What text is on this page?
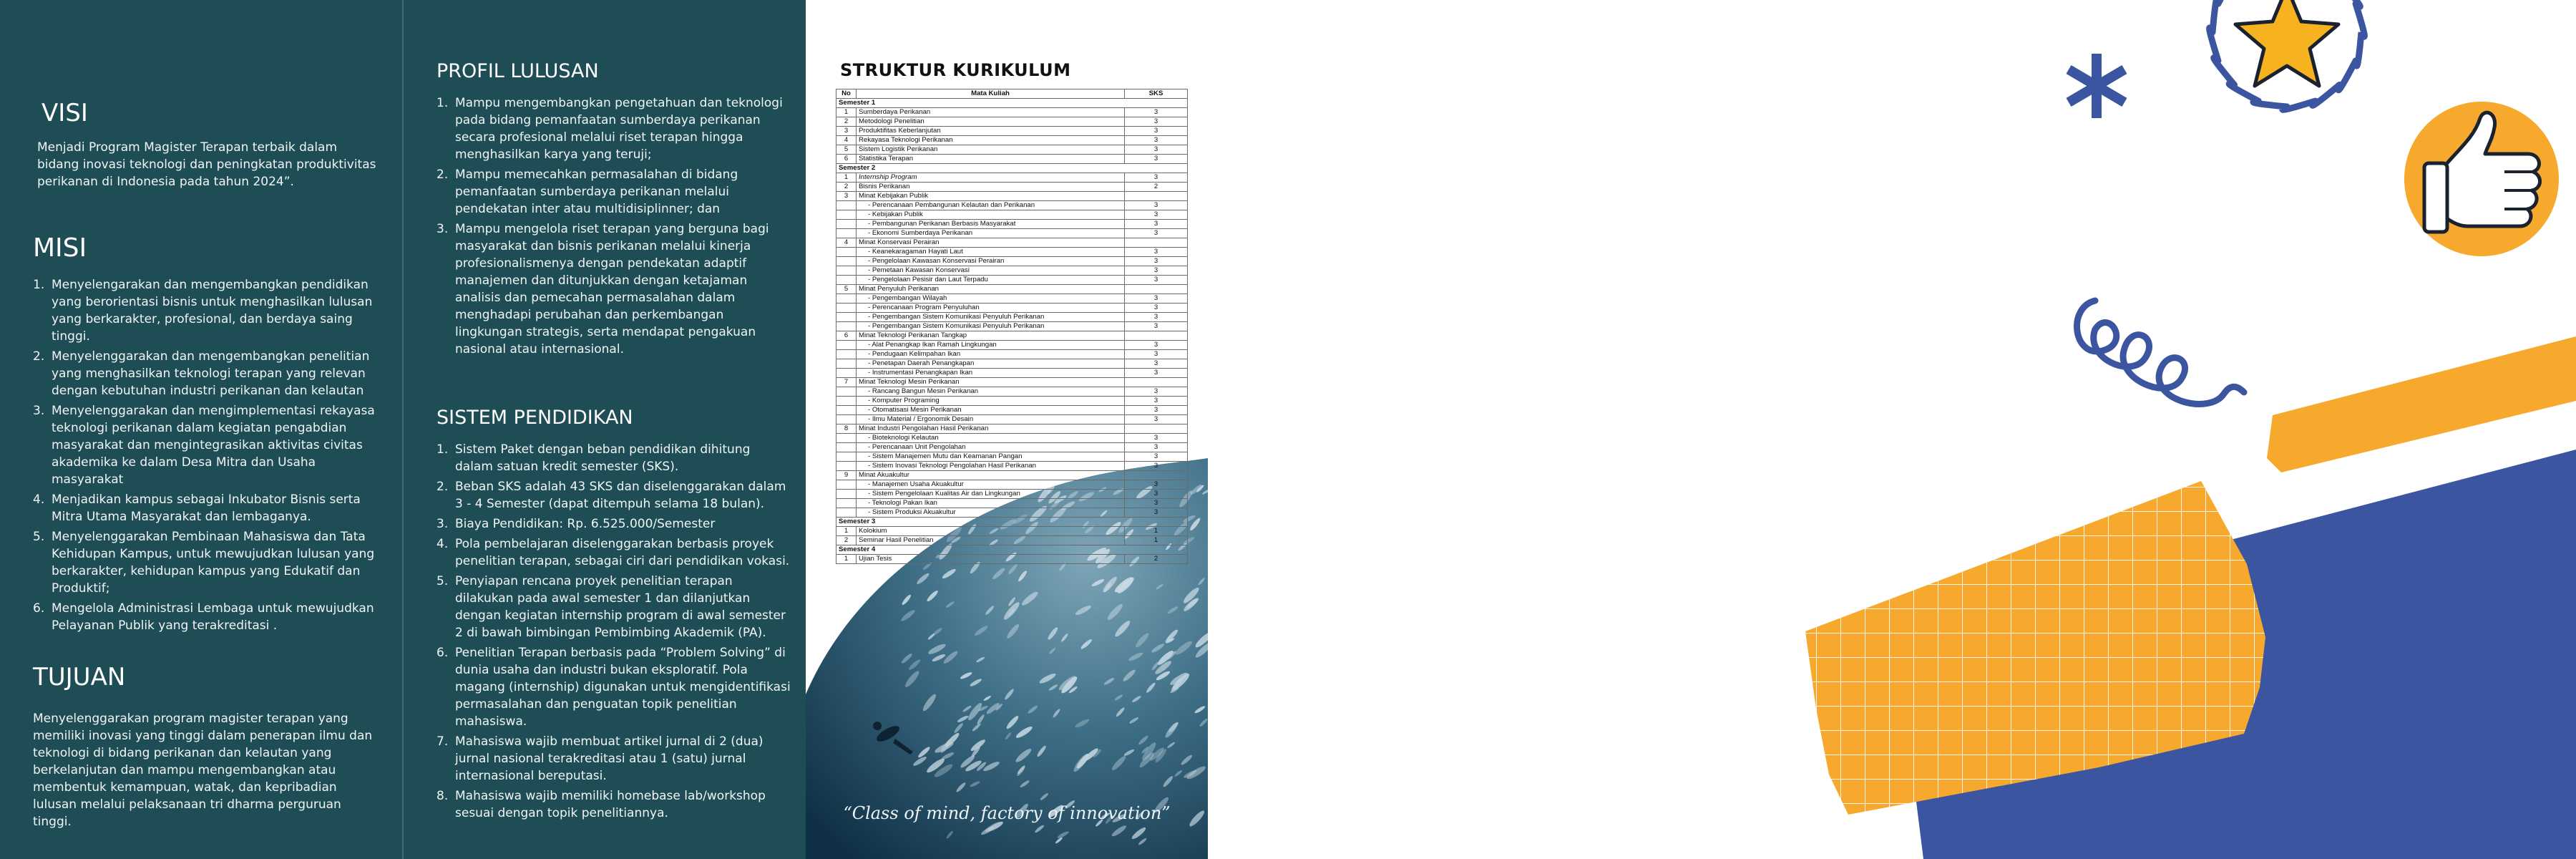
VISI

Menjadi Program Magister Terapan terbaik dalam bidang inovasi teknologi dan peningkatan produktivitas perikanan di Indonesia pada tahun 2024”.

MISI
1. Menyelengarakan dan mengembangkan pendidikan yang berorientasi bisnis untuk menghasilkan lulusan yang berkarakter, profesional, dan berdaya saing tinggi.
2. Menyelenggarakan dan mengembangkan penelitian yang menghasilkan teknologi terapan yang relevan dengan kebutuhan industri perikanan dan kelautan
3. Menyelenggarakan dan mengimplementasi rekayasa teknologi perikanan dalam kegiatan pengabdian masyarakat dan mengintegrasikan aktivitas civitas akademika ke dalam Desa Mitra dan Usaha masyarakat
4. Menjadikan kampus sebagai Inkubator Bisnis serta Mitra Utama Masyarakat dan lembaganya.
5. Menyelenggarakan Pembinaan Mahasiswa dan Tata Kehidupan Kampus, untuk mewujudkan lulusan yang berkarakter, kehidupan kampus yang Edukatif dan Produktif;
6. Mengelola Administrasi Lembaga untuk mewujudkan Pelayanan Publik yang terakreditasi .
TUJUAN

Menyelenggarakan program magister terapan yang memiliki inovasi yang tinggi dalam penerapan ilmu dan teknologi di bidang perikanan dan kelautan yang berkelanjutan dan mampu mengembangkan atau membentuk kemampuan, watak, dan kepribadian lulusan melalui pelaksanaan tri dharma perguruan tinggi.

PROFIL LULUSAN
1. Mampu mengembangkan pengetahuan dan teknologi pada bidang pemanfaatan sumberdaya perikanan secara profesional melalui riset terapan hingga menghasilkan karya yang teruji;
2. Mampu memecahkan permasalahan di bidang pemanfaatan sumberdaya perikanan melalui pendekatan inter atau multidisiplinner; dan
3. Mampu mengelola riset terapan yang berguna bagi masyarakat dan bisnis perikanan melalui kinerja profesionalismenya dengan pendekatan adaptif manajemen dan ditunjukkan dengan ketajaman analisis dan pemecahan permasalahan dalam menghadapi perubahan dan perkembangan lingkungan strategis, serta mendapat pengakuan nasional atau internasional.
SISTEM PENDIDIKAN
1. Sistem Paket dengan beban pendidikan dihitung dalam satuan kredit semester (SKS).
2. Beban SKS adalah 43 SKS dan diselenggarakan dalam 3 - 4 Semester (dapat ditempuh selama 18 bulan).
3. Biaya Pendidikan: Rp. 6.525.000/Semester
4. Pola pembelajaran diselenggarakan berbasis proyek penelitian terapan, sebagai ciri dari pendidikan vokasi.
5. Penyiapan rencana proyek penelitian terapan dilakukan pada awal semester 1 dan dilanjutkan dengan kegiatan internship program di awal semester 2 di bawah bimbingan Pembimbing Akademik (PA).
6. Penelitian Terapan berbasis pada “Problem Solving” di dunia usaha dan industri bukan eksploratif. Pola magang (internship) digunakan untuk mengidentifikasi permasalahan dan penguatan topik penelitian mahasiswa.
7. Mahasiswa wajib membuat artikel jurnal di 2 (dua) jurnal nasional terakreditasi atau 1 (satu) jurnal internasional bereputasi.
8. Mahasiswa wajib memiliki homebase lab/workshop sesuai dengan topik penelitiannya.
STRUKTUR KURIKULUM
No	Mata Kuliah	SKS
Semester 1		
1	Sumberdaya Perikanan	3
2	Metodologi Penelitian	3
3	Produktifitas Keberlanjutan	3
4	Rekayasa Teknologi Perikanan	3
5	Sistem Logistik Perikanan	3
6	Statistika Terapan	3
Semester 2		
1	Internship Program	3
2	Bisnis Perikanan	2
3	Minat Kebijakan Publik	
	- Perencanaan Pembangunan Kelautan dan Perikanan	3
	- Kebijakan Publik	3
	- Pembangunan Perikanan Berbasis Masyarakat	3
	- Ekonomi Sumberdaya Perikanan	3
4	Minat Konservasi Perairan	
	- Keanekaragaman Hayati Laut	3
	- Pengelolaan Kawasan Konservasi Perairan	3
	- Pemetaan Kawasan Konservasi	3
	- Pengelolaan Pesisir dan Laut Terpadu	3
5	Minat Penyuluh Perikanan	
	- Pengembangan Wilayah	3
	- Perencanaan Program Penyuluhan	3
	- Pengembangan Sistem Komunikasi Penyuluh Perikanan	3
	- Pengembangan Sistem Komunikasi Penyuluh Perikanan	3
6	Minat Teknologi Perikanan Tangkap	
	- Alat Penangkap Ikan Ramah Lingkungan	3
	- Pendugaan Kelimpahan Ikan	3
	- Penetapan Daerah Penangkapan	3
	- Instrumentasi Penangkapan Ikan	3
7	Minat Teknologi Mesin Perikanan	
	- Rancang Bangun Mesin Perikanan	3
	- Komputer Programing	3
	- Otomatisasi Mesin Perikanan	3
	- Ilmu Material / Ergonomik Desain	3
8	Minat Industri Pengolahan Hasil Perikanan	
	- Bioteknologi Kelautan	3
	- Perencanaan Unit Pengolahan	3
	- Sistem Manajemen Mutu dan Keamanan Pangan	3
	- Sistem Inovasi Teknologi Pengolahan Hasil Perikanan	3
9	Minat Akuakultur	
	- Manajemen Usaha Akuakultur	3
	- Sistem Pengelolaan Kualitas Air dan Lingkungan	3
	- Teknologi Pakan Ikan	3
	- Sistem Produksi Akuakultur	3
Semester 3		
1	Kolokium	1
2	Seminar Hasil Penelitian	1
Semester 4		
1	Ujian Tesis	2
“Class of mind, factory of innovation”
